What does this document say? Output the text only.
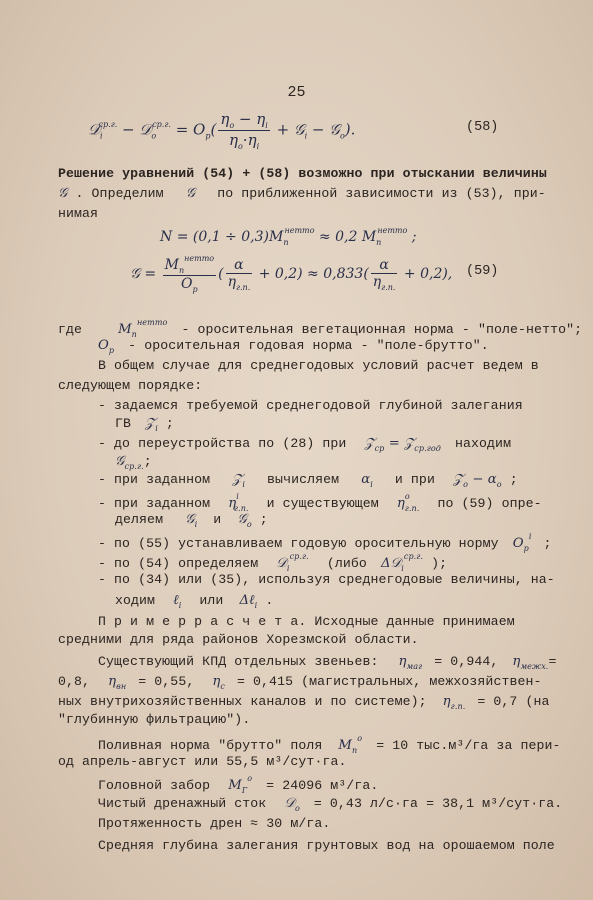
25
𝒟$_i^{ср.г.}$ − 𝒟$_o^{ср.г.}$ = $O_p( \frac{\eta_o - \eta_i}{\eta_o\cdot\eta_i}$ + 𝒢$_i$ − 𝒢$_o$).	(58)
Решение уравнений (54) + (58) возможно при отыскании величины
𝒢 . Определим 𝒢 по приближенной зависимости из (53), при-
нимая
$N = (0,1 \div 0,3)M_n^{нетто} \approx 0,2$ $M_n^{нетто}$ ;
𝒢 = $\frac{M_n^{нетто}}{O_p}$ ( $\frac{\alpha}{\eta_{г.п.}} + 0,2) \approx 0,833( \frac{\alpha}{\eta_{г.п.}} + 0,2)$, (59)
где	$M_n^{нетто}$ - оросительная вегетационная норма - "поле-нетто";
$O_p$ - оросительная годовая норма - "поле-брутто".
В общем случае для среднегодовых условий расчет ведем в
следующем порядке:
- задаемся требуемой среднегодовой глубиной залегания
ГВ 𝒵$_i$ ;
- до переустройства по (28) при 𝒵$_{ср}$ = 𝒵$_{ср.год}$ находим
𝒢$_{ср.г.}$;
- при заданном 𝒵$_i$ вычисляем $\alpha_i$ и при 𝒵$_o$ − $\alpha_o$ ;
- при заданном $\eta^i_{г.п.}$ и существующем $\eta^o_{г.п.}$ по (59) опре-
деляем 𝒢$_i$ и 𝒢$_o$ ;
- по (55) устанавливаем годовую оросительную норму $O_p^i$ ;
- по (54) определяем 𝒟$_i^{ср.г.}$ (либо Δ𝒟$_i^{ср.г.}$ );
- по (34) или (35), используя среднегодовые величины, на-
ходим ℓ$_i$ или Δℓ$_i$ .
П р и м е р р а с ч е т а. Исходные данные принимаем
средними для ряда районов Хорезмской области.
Существующий КПД отдельных звеньев: $\eta_{маг} = 0,944$, $\eta_{межх.}=$
0,8, $\eta_{вн} = 0,55$, $\eta_c = 0,415$ (магистральных, межхозяйствен-
ных внутрихозяйственных каналов и по системе); $\eta_{г.п.} = 0,7$ (на
"глубинную фильтрацию").
Поливная норма "брутто" поля $M_n^o = 10$ тыс.м³/га за пери-
од апрель-август или 55,5 м³/сут·га.
Головной забор $M_Г^o = 24096$ м³/га.
Чистый дренажный сток 𝒟$_o$ = 0,43 л/с·га = 38,1 м³/сут·га.
Протяженность дрен ≈ 30 м/га.
Средняя глубина залегания грунтовых вод на орошаемом поле
